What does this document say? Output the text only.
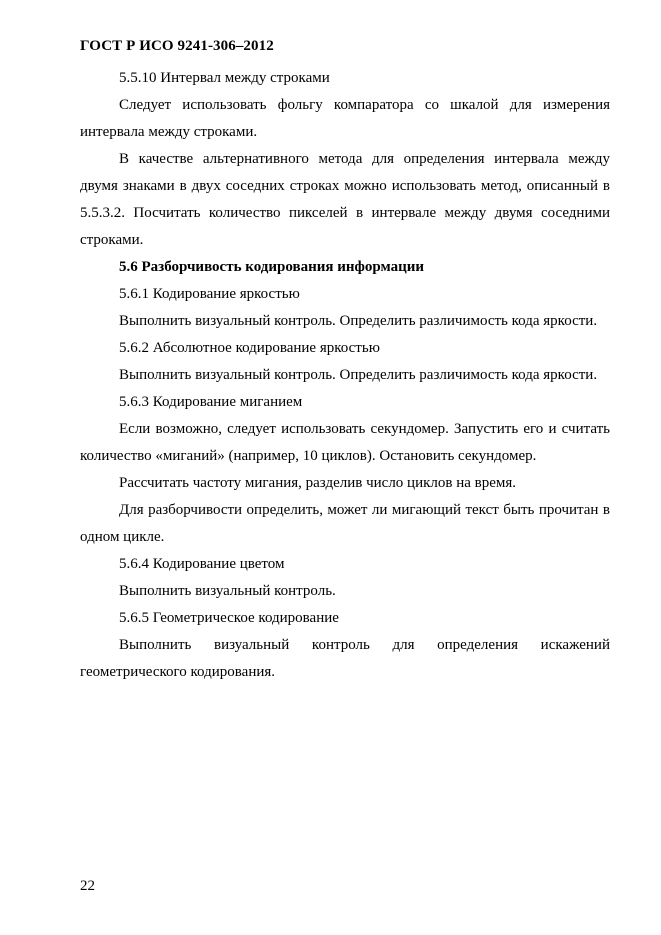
ГОСТ Р ИСО 9241-306–2012

5.5.10 Интервал между строками

Следует использовать фольгу компаратора со шкалой для измерения интервала между строками.

В качестве альтернативного метода для определения интервала между двумя знаками в двух соседних строках можно использовать метод, описанный в 5.5.3.2. Посчитать количество пикселей в интервале между двумя соседними строками.

5.6 Разборчивость кодирования информации

5.6.1 Кодирование яркостью

Выполнить визуальный контроль. Определить различимость кода яркости.

5.6.2 Абсолютное кодирование яркостью

Выполнить визуальный контроль. Определить различимость кода яркости.

5.6.3 Кодирование миганием

Если возможно, следует использовать секундомер. Запустить его и считать количество «миганий» (например, 10 циклов). Остановить секундомер.

Рассчитать частоту мигания, разделив число циклов на время.

Для разборчивости определить, может ли мигающий текст быть прочитан в одном цикле.

5.6.4 Кодирование цветом

Выполнить визуальный контроль.

5.6.5 Геометрическое кодирование

Выполнить визуальный контроль для определения искажений геометрического кодирования.

22
